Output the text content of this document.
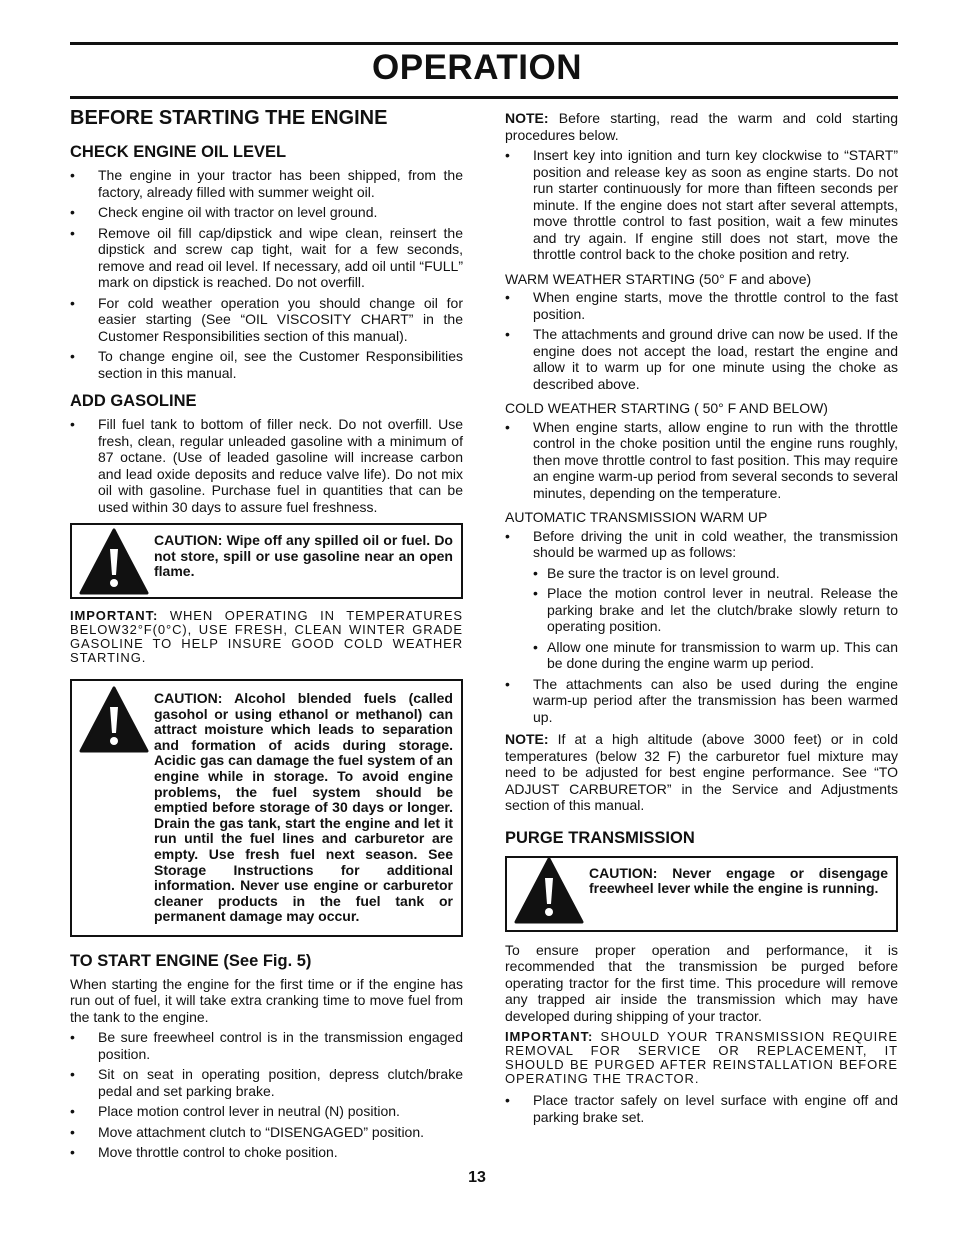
OPERATION
BEFORE STARTING THE ENGINE
CHECK ENGINE OIL LEVEL
• The engine in your tractor has been shipped, from the factory, already filled with summer weight oil.
• Check engine oil with tractor on level ground.
• Remove oil fill cap/dipstick and wipe clean, reinsert the dipstick and screw cap tight, wait for a few seconds, remove and read oil level. If necessary, add oil until “FULL” mark on dipstick is reached. Do not overfill.
• For cold weather operation you should change oil for easier starting (See “OIL VISCOSITY CHART” in the Customer Responsibilities section of this manual).
• To change engine oil, see the Customer Responsibilities section in this manual.
ADD GASOLINE
• Fill fuel tank to bottom of filler neck. Do not overfill. Use fresh, clean, regular unleaded gasoline with a minimum of 87 octane. (Use of leaded gasoline will increase carbon and lead oxide deposits and reduce valve life). Do not mix oil with gasoline. Purchase fuel in quantities that can be used within 30 days to assure fuel freshness.
CAUTION: Wipe off any spilled oil or fuel. Do not store, spill or use gasoline near an open flame.

IMPORTANT: WHEN OPERATING IN TEMPERATURES BELOW32°F(0°C), USE FRESH, CLEAN WINTER GRADE GASOLINE TO HELP INSURE GOOD COLD WEATHER STARTING.

CAUTION: Alcohol blended fuels (called gasohol or using ethanol or methanol) can attract moisture which leads to separation and formation of acids during storage. Acidic gas can damage the fuel system of an engine while in storage. To avoid engine problems, the fuel system should be emptied before storage of 30 days or longer. Drain the gas tank, start the engine and let it run until the fuel lines and carburetor are empty. Use fresh fuel next season. See Storage Instructions for additional information. Never use engine or carburetor cleaner products in the fuel tank or permanent damage may occur.
TO START ENGINE (See Fig. 5)

When starting the engine for the first time or if the engine has run out of fuel, it will take extra cranking time to move fuel from the tank to the engine.

• Be sure freewheel control is in the transmission engaged position.
• Sit on seat in operating position, depress clutch/brake pedal and set parking brake.
• Place motion control lever in neutral (N) position.
• Move attachment clutch to “DISENGAGED” position.
• Move throttle control to choke position.

NOTE: Before starting, read the warm and cold starting procedures below.

• Insert key into ignition and turn key clockwise to “START” position and release key as soon as engine starts. Do not run starter continuously for more than fifteen seconds per minute. If the engine does not start after several attempts, move throttle control to fast position, wait a few minutes and try again. If engine still does not start, move the throttle control back to the choke position and retry.

WARM WEATHER STARTING (50° F and above)

• When engine starts, move the throttle control to the fast position.
• The attachments and ground drive can now be used. If the engine does not accept the load, restart the engine and allow it to warm up for one minute using the choke as described above.

COLD WEATHER STARTING ( 50° F AND BELOW)

• When engine starts, allow engine to run with the throttle control in the choke position until the engine runs roughly, then move throttle control to fast position. This may require an engine warm-up period from several seconds to several minutes, depending on the temperature.

AUTOMATIC TRANSMISSION WARM UP

• Before driving the unit in cold weather, the transmission should be warmed up as follows:
• Be sure the tractor is on level ground.
• Place the motion control lever in neutral. Release the parking brake and let the clutch/brake slowly return to operating position.
• Allow one minute for transmission to warm up. This can be done during the engine warm up period.
• The attachments can also be used during the engine warm-up period after the transmission has been warmed up.

NOTE: If at a high altitude (above 3000 feet) or in cold temperatures (below 32 F) the carburetor fuel mixture may need to be adjusted for best engine performance. See “TO ADJUST CARBURETOR” in the Service and Adjustments section of this manual.

PURGE TRANSMISSION
CAUTION: Never engage or disengage freewheel lever while the engine is running.

To ensure proper operation and performance, it is recommended that the transmission be purged before operating tractor for the first time. This procedure will remove any trapped air inside the transmission which may have developed during shipping of your tractor.

IMPORTANT: SHOULD YOUR TRANSMISSION REQUIRE REMOVAL FOR SERVICE OR REPLACEMENT, IT SHOULD BE PURGED AFTER REINSTALLATION BEFORE OPERATING THE TRACTOR.

• Place tractor safely on level surface with engine off and parking brake set.
13
